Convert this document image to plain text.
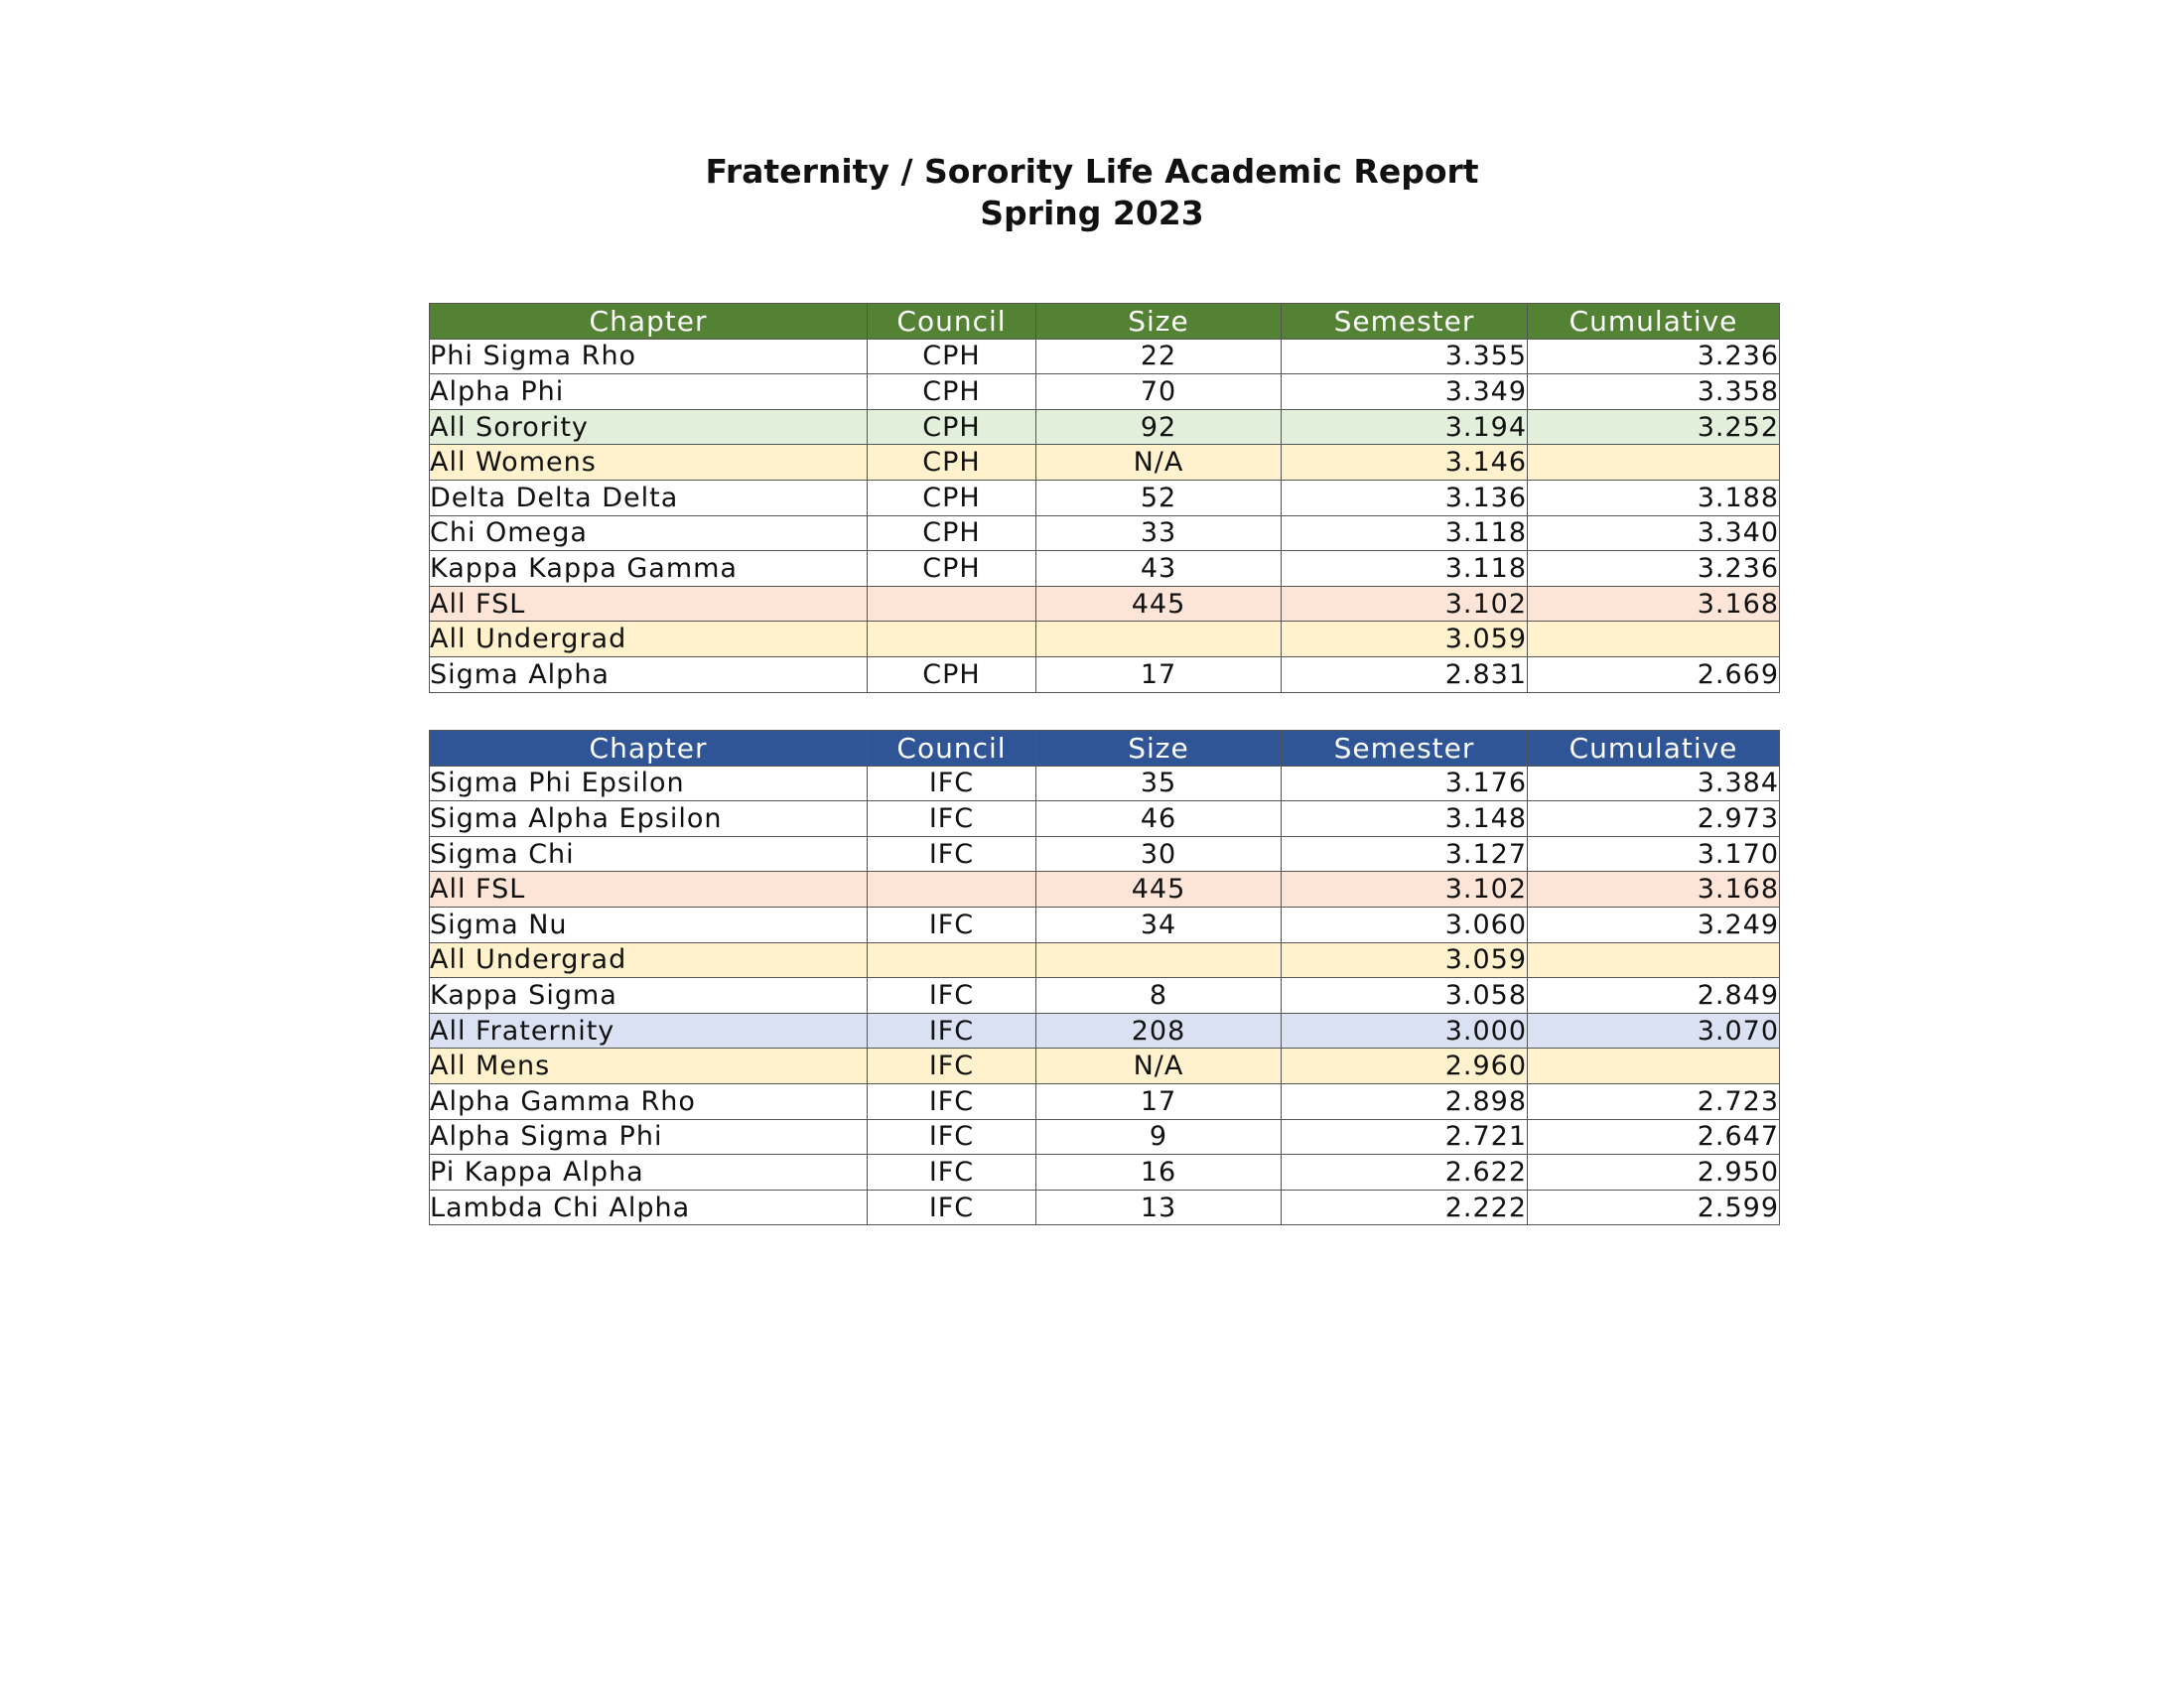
Fraternity / Sorority Life Academic Report
Spring 2023
Chapter	Council	Size	Semester	Cumulative
Phi Sigma Rho	CPH	22	3.355	3.236
Alpha Phi	CPH	70	3.349	3.358
All Sorority	CPH	92	3.194	3.252
All Womens	CPH	N/A	3.146	
Delta Delta Delta	CPH	52	3.136	3.188
Chi Omega	CPH	33	3.118	3.340
Kappa Kappa Gamma	CPH	43	3.118	3.236
All FSL		445	3.102	3.168
All Undergrad			3.059	
Sigma Alpha	CPH	17	2.831	2.669
Chapter	Council	Size	Semester	Cumulative
Sigma Phi Epsilon	IFC	35	3.176	3.384
Sigma Alpha Epsilon	IFC	46	3.148	2.973
Sigma Chi	IFC	30	3.127	3.170
All FSL		445	3.102	3.168
Sigma Nu	IFC	34	3.060	3.249
All Undergrad			3.059	
Kappa Sigma	IFC	8	3.058	2.849
All Fraternity	IFC	208	3.000	3.070
All Mens	IFC	N/A	2.960	
Alpha Gamma Rho	IFC	17	2.898	2.723
Alpha Sigma Phi	IFC	9	2.721	2.647
Pi Kappa Alpha	IFC	16	2.622	2.950
Lambda Chi Alpha	IFC	13	2.222	2.599
